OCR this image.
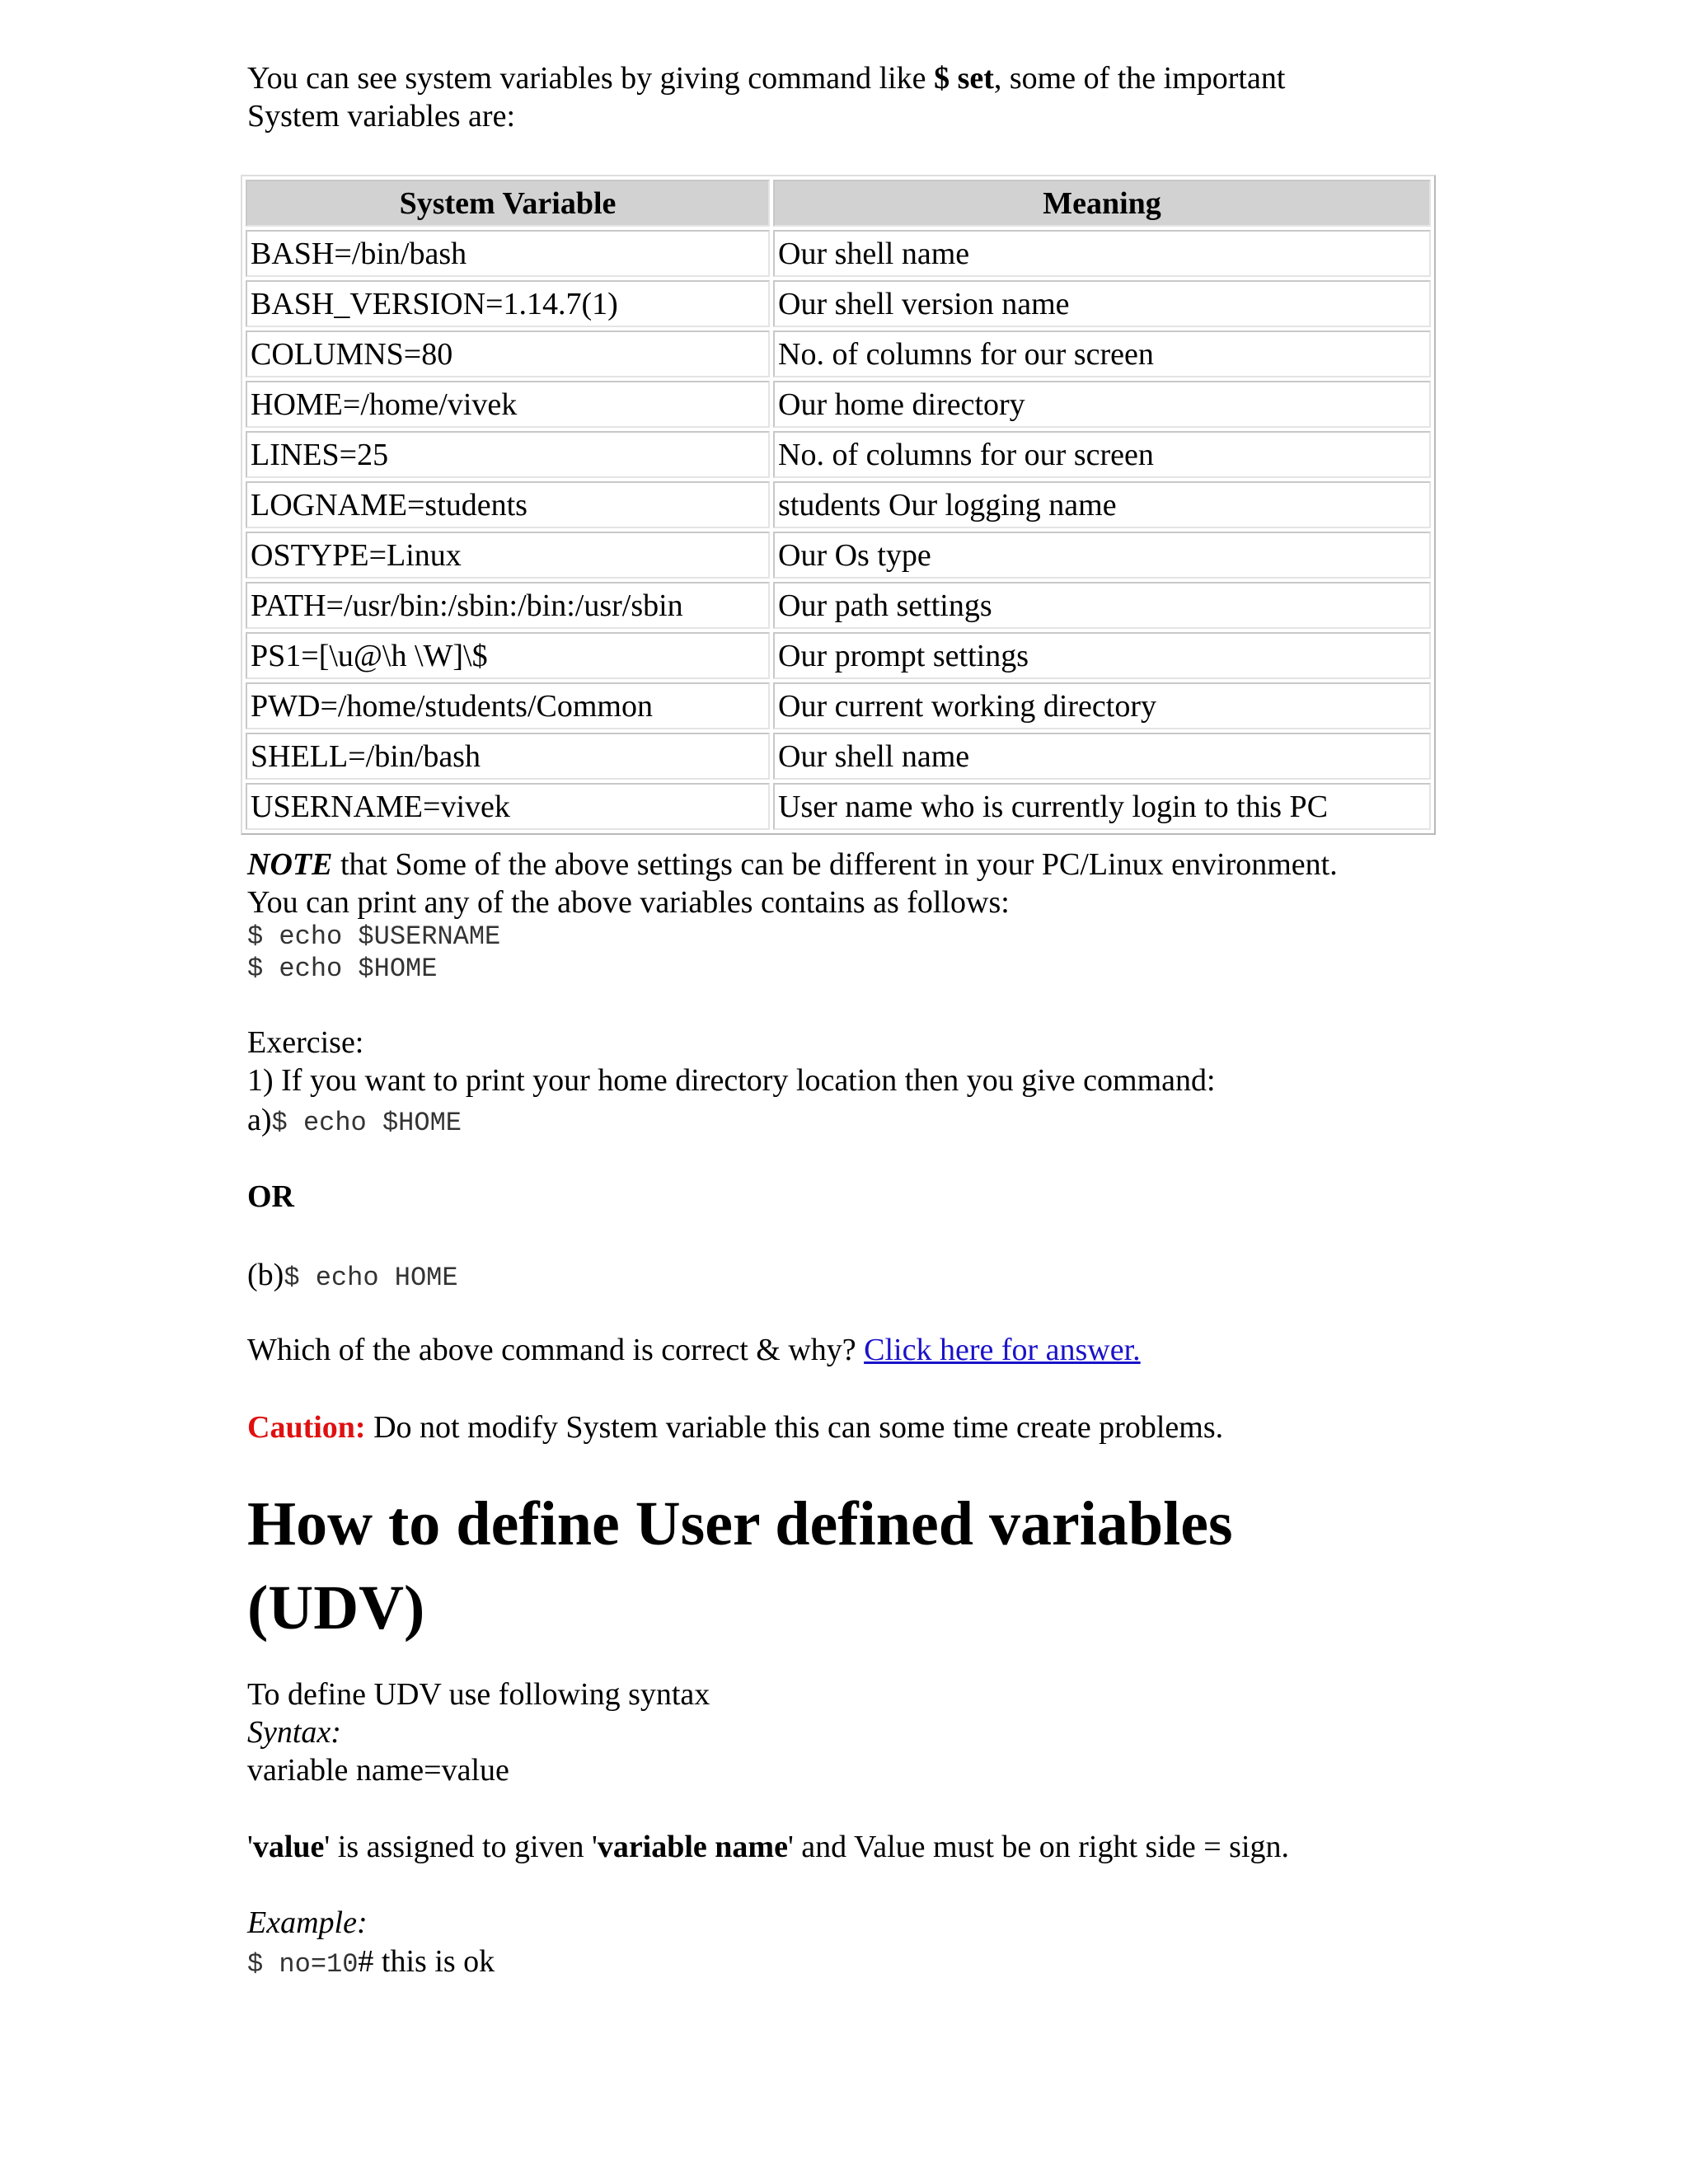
You can see system variables by giving command like $ set, some of the important
System variables are:
System Variable	Meaning
BASH=/bin/bash	Our shell name
BASH_VERSION=1.14.7(1)	Our shell version name
COLUMNS=80	No. of columns for our screen
HOME=/home/vivek	Our home directory
LINES=25	No. of columns for our screen
LOGNAME=students	students Our logging name
OSTYPE=Linux	Our Os type
PATH=/usr/bin:/sbin:/bin:/usr/sbin	Our path settings
PS1=[\u@\h \W]\$	Our prompt settings
PWD=/home/students/Common	Our current working directory
SHELL=/bin/bash	Our shell name
USERNAME=vivek	User name who is currently login to this PC
NOTE that Some of the above settings can be different in your PC/Linux environment.
You can print any of the above variables contains as follows:
$ echo $USERNAME
$ echo $HOME
Exercise:
1) If you want to print your home directory location then you give command:
a)$ echo $HOME
OR
(b)$ echo HOME
Which of the above command is correct & why? Click here for answer.
Caution: Do not modify System variable this can some time create problems.
How to define User defined variables
(UDV)
To define UDV use following syntax
Syntax:
variable name=value
'value' is assigned to given 'variable name' and Value must be on right side = sign.
Example:
$ no=10# this is ok
